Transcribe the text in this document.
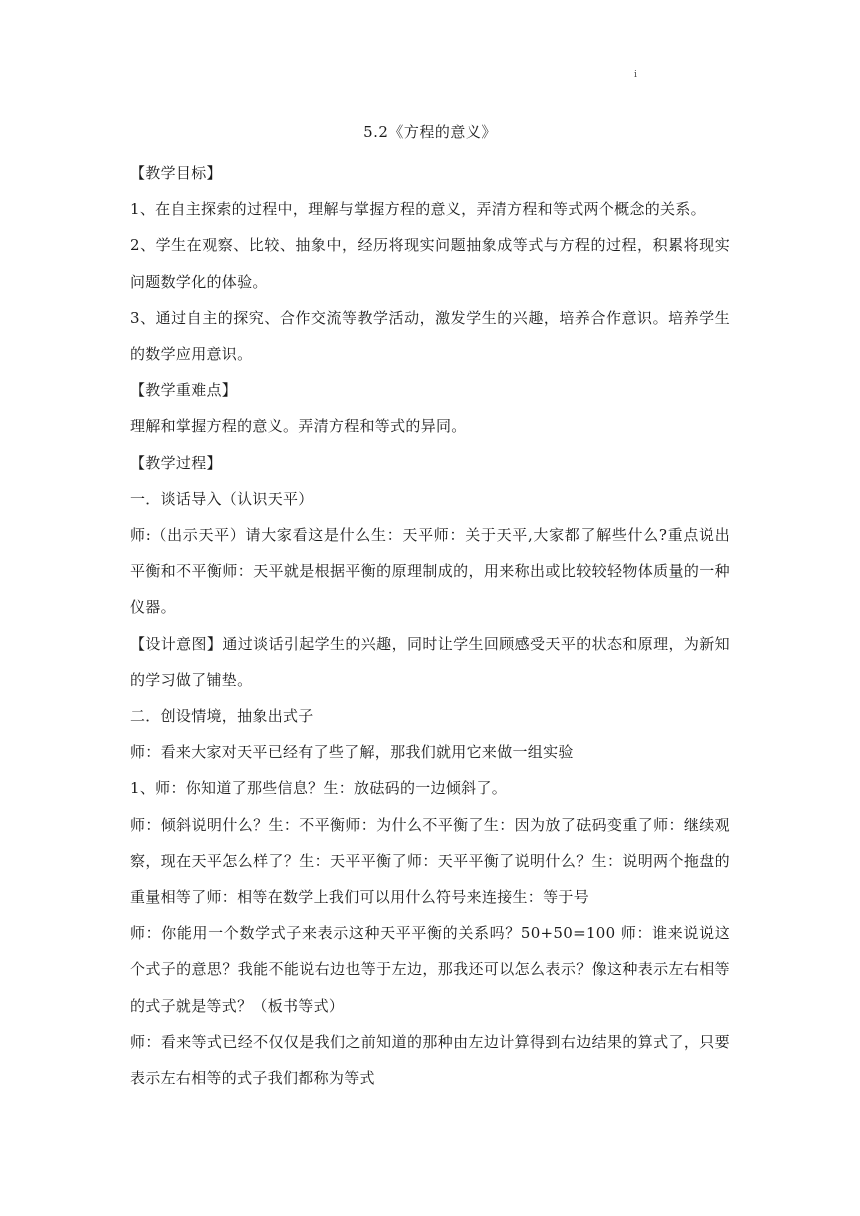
i
5.2《方程的意义》

【教学目标】

1、在自主探索的过程中，理解与掌握方程的意义，弄清方程和等式两个概念的关系。

2、学生在观察、比较、抽象中，经历将现实问题抽象成等式与方程的过程，积累将现实问题数学化的体验。

3、通过自主的探究、合作交流等教学活动，激发学生的兴趣，培养合作意识。培养学生的数学应用意识。

【教学重难点】

理解和掌握方程的意义。弄清方程和等式的异同。

【教学过程】

一．谈话导入（认识天平）

师:（出示天平）请大家看这是什么生：天平师：关于天平,大家都了解些什么?重点说出平衡和不平衡师：天平就是根据平衡的原理制成的，用来称出或比较较轻物体质量的一种仪器。

【设计意图】通过谈话引起学生的兴趣，同时让学生回顾感受天平的状态和原理，为新知的学习做了铺垫。

二．创设情境，抽象出式子

师：看来大家对天平已经有了些了解，那我们就用它来做一组实验

1、师：你知道了那些信息？生：放砝码的一边倾斜了。

师：倾斜说明什么？生：不平衡师：为什么不平衡了生：因为放了砝码变重了师：继续观察，现在天平怎么样了？生：天平平衡了师：天平平衡了说明什么？生：说明两个拖盘的重量相等了师：相等在数学上我们可以用什么符号来连接生：等于号

师：你能用一个数学式子来表示这种天平平衡的关系吗？50+50=100 师：谁来说说这个式子的意思？我能不能说右边也等于左边，那我还可以怎么表示？像这种表示左右相等的式子就是等式？（板书等式）

师：看来等式已经不仅仅是我们之前知道的那种由左边计算得到右边结果的算式了，只要表示左右相等的式子我们都称为等式
